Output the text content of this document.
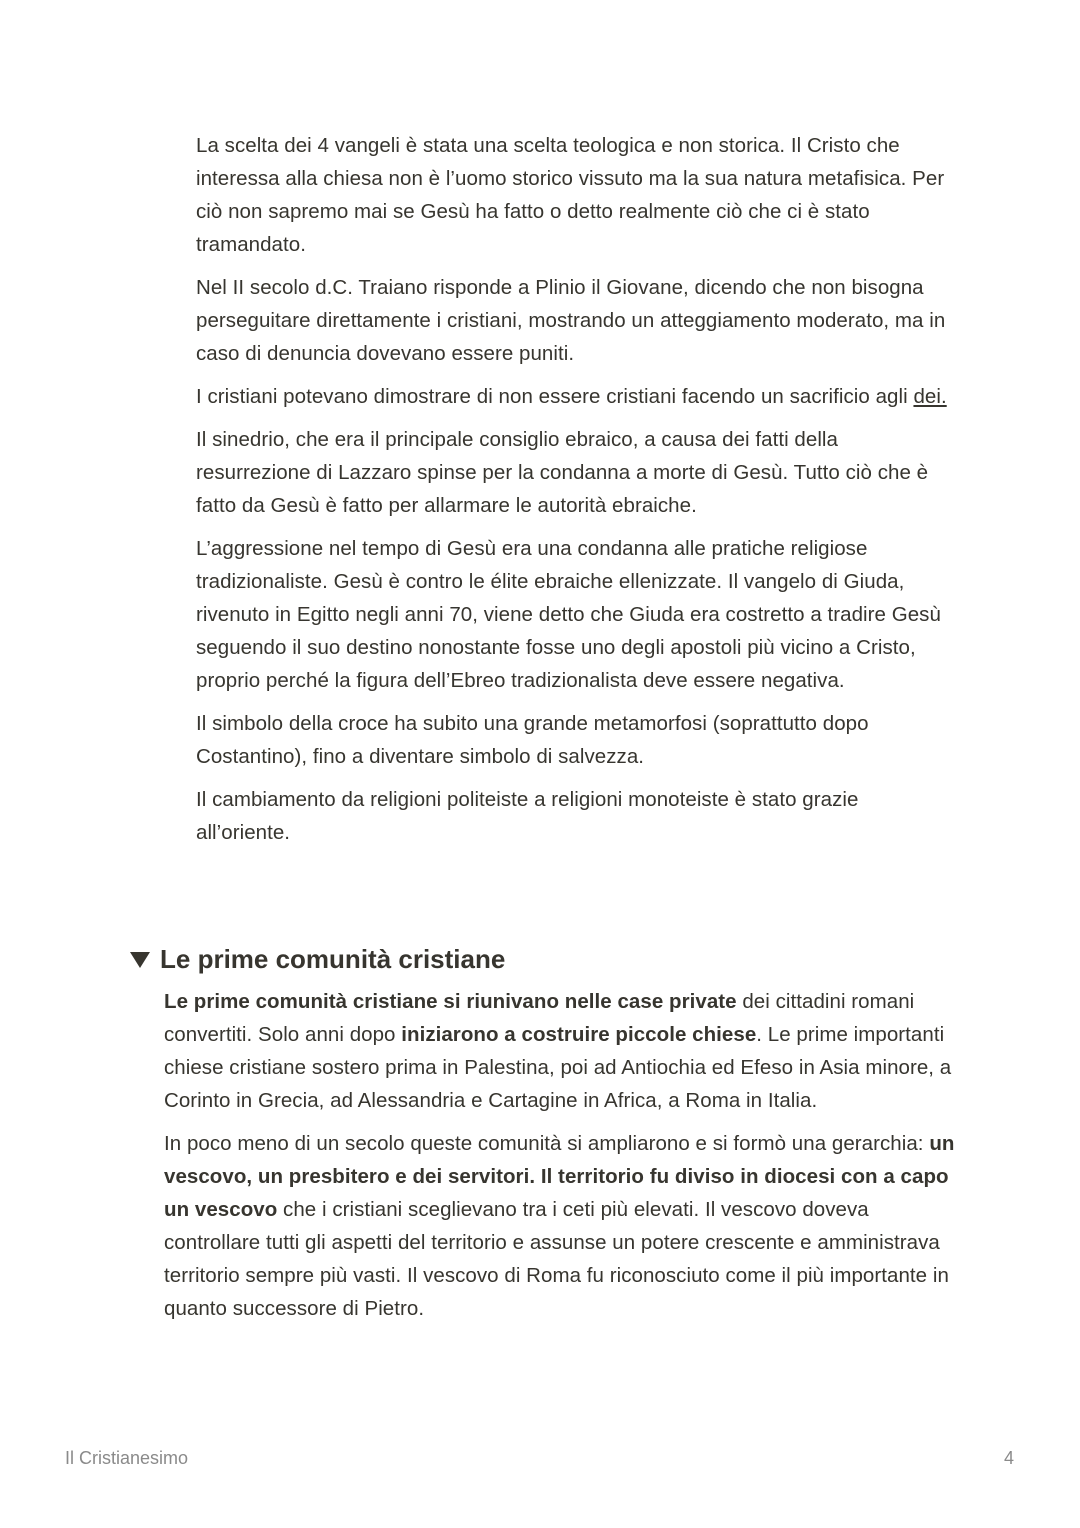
La scelta dei 4 vangeli è stata una scelta teologica e non storica. Il Cristo che interessa alla chiesa non è l’uomo storico vissuto ma la sua natura metafisica. Per ciò non sapremo mai se Gesù ha fatto o detto realmente ciò che ci è stato tramandato.

Nel II secolo d.C. Traiano risponde a Plinio il Giovane, dicendo che non bisogna perseguitare direttamente i cristiani, mostrando un atteggiamento moderato, ma in caso di denuncia dovevano essere puniti.

I cristiani potevano dimostrare di non essere cristiani facendo un sacrificio agli dei.

Il sinedrio, che era il principale consiglio ebraico, a causa dei fatti della resurrezione di Lazzaro spinse per la condanna a morte di Gesù. Tutto ciò che è fatto da Gesù è fatto per allarmare le autorità ebraiche.

L’aggressione nel tempo di Gesù era una condanna alle pratiche religiose tradizionaliste. Gesù è contro le élite ebraiche ellenizzate. Il vangelo di Giuda, rivenuto in Egitto negli anni 70, viene detto che Giuda era costretto a tradire Gesù seguendo il suo destino nonostante fosse uno degli apostoli più vicino a Cristo, proprio perché la figura dell’Ebreo tradizionalista deve essere negativa.

Il simbolo della croce ha subito una grande metamorfosi (soprattutto dopo Costantino), fino a diventare simbolo di salvezza.

Il cambiamento da religioni politeiste a religioni monoteiste è stato grazie all’oriente.

Le prime comunità cristiane

Le prime comunità cristiane si riunivano nelle case private dei cittadini romani convertiti. Solo anni dopo iniziarono a costruire piccole chiese. Le prime importanti chiese cristiane sostero prima in Palestina, poi ad Antiochia ed Efeso in Asia minore, a Corinto in Grecia, ad Alessandria e Cartagine in Africa, a Roma in Italia.

In poco meno di un secolo queste comunità si ampliarono e si formò una gerarchia: un vescovo, un presbitero e dei servitori. Il territorio fu diviso in diocesi con a capo un vescovo che i cristiani sceglievano tra i ceti più elevati. Il vescovo doveva controllare tutti gli aspetti del territorio e assunse un potere crescente e amministrava territorio sempre più vasti. Il vescovo di Roma fu riconosciuto come il più importante in quanto successore di Pietro.

Il Cristianesimo	4
